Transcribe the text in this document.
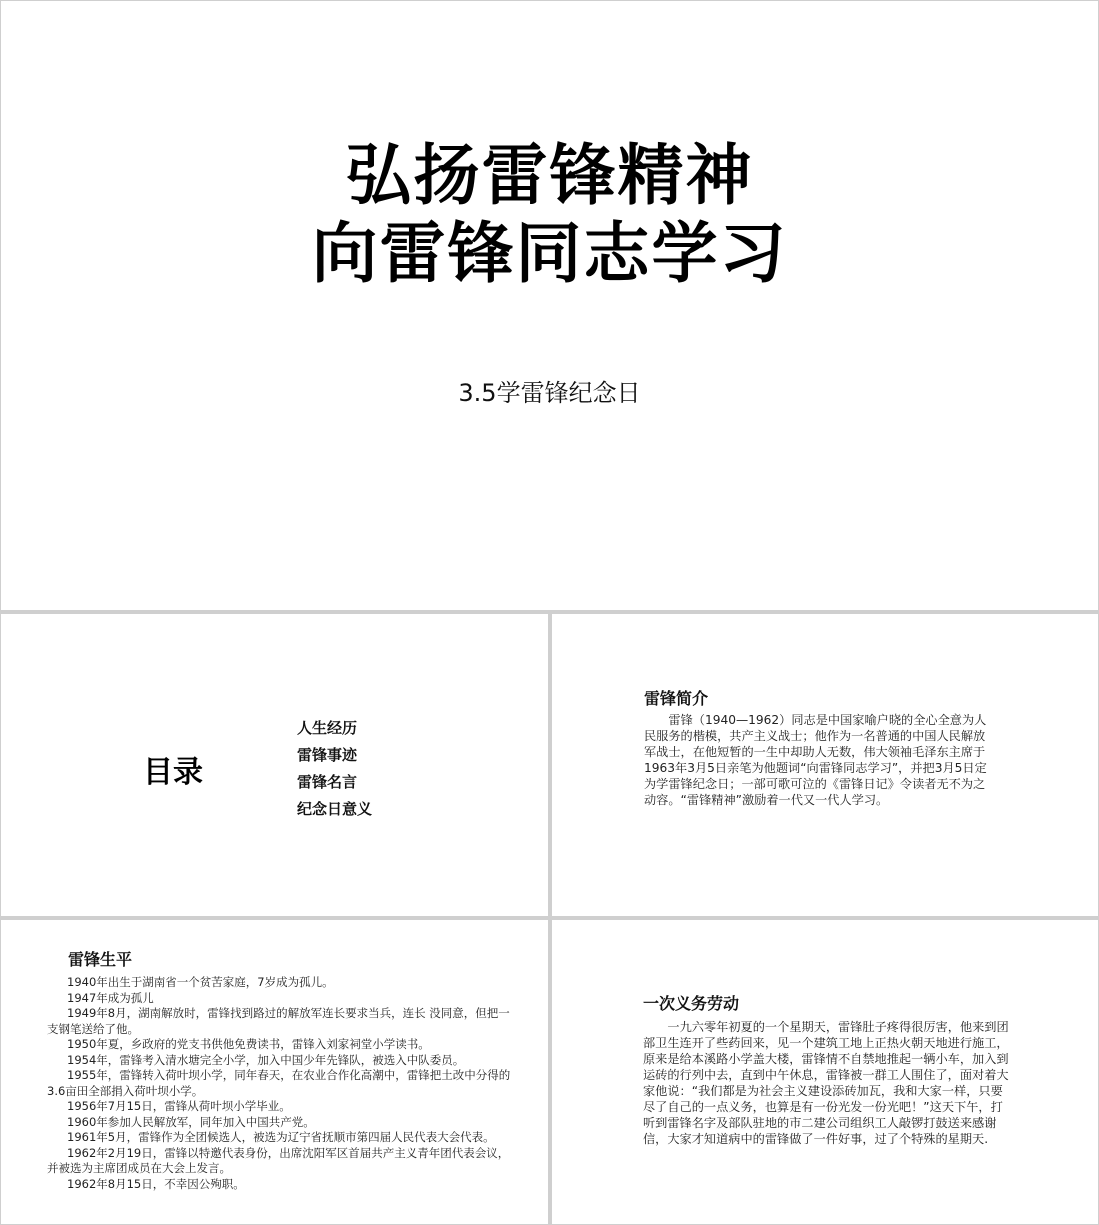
弘扬雷锋精神
向雷锋同志学习
3.5学雷锋纪念日
目录
人生经历
雷锋事迹
雷锋名言
纪念日意义
雷锋简介

雷锋（1940—1962）同志是中国家喻户晓的全心全意为人民服务的楷模，共产主义战士；他作为一名普通的中国人民解放军战士，在他短暂的一生中却助人无数，伟大领袖毛泽东主席于1963年3月5日亲笔为他题词“向雷锋同志学习”，并把3月5日定为学雷锋纪念日；一部可歌可泣的《雷锋日记》令读者无不为之动容。“雷锋精神”激励着一代又一代人学习。

雷锋生平
1940年出生于湖南省一个贫苦家庭，7岁成为孤儿。
1947年成为孤儿
1949年8月，湖南解放时，雷锋找到路过的解放军连长要求当兵，连长 没同意，但把一支钢笔送给了他。
1950年夏，乡政府的党支书供他免费读书，雷锋入刘家祠堂小学读书。
1954年，雷锋考入清水塘完全小学，加入中国少年先锋队，被选入中队委员。
1955年，雷锋转入荷叶坝小学，同年春天，在农业合作化高潮中，雷锋把土改中分得的3.6亩田全部捐入荷叶坝小学。
1956年7月15日，雷锋从荷叶坝小学毕业。
1960年参加人民解放军，同年加入中国共产党。
1961年5月，雷锋作为全团候选人，被选为辽宁省抚顺市第四届人民代表大会代表。
1962年2月19日，雷锋以特邀代表身份，出席沈阳军区首届共产主义青年团代表会议，并被选为主席团成员在大会上发言。
1962年8月15日，不幸因公殉职。
一次义务劳动

一九六零年初夏的一个星期天，雷锋肚子疼得很厉害，他来到团部卫生连开了些药回来，见一个建筑工地上正热火朝天地进行施工，原来是给本溪路小学盖大楼，雷锋情不自禁地推起一辆小车，加入到运砖的行列中去，直到中午休息，雷锋被一群工人围住了，面对着大家他说：“我们都是为社会主义建设添砖加瓦，我和大家一样，只要尽了自己的一点义务，也算是有一份光发一份光吧！”这天下午，打听到雷锋名字及部队驻地的市二建公司组织工人敲锣打鼓送来感谢信，大家才知道病中的雷锋做了一件好事，过了个特殊的星期天.
